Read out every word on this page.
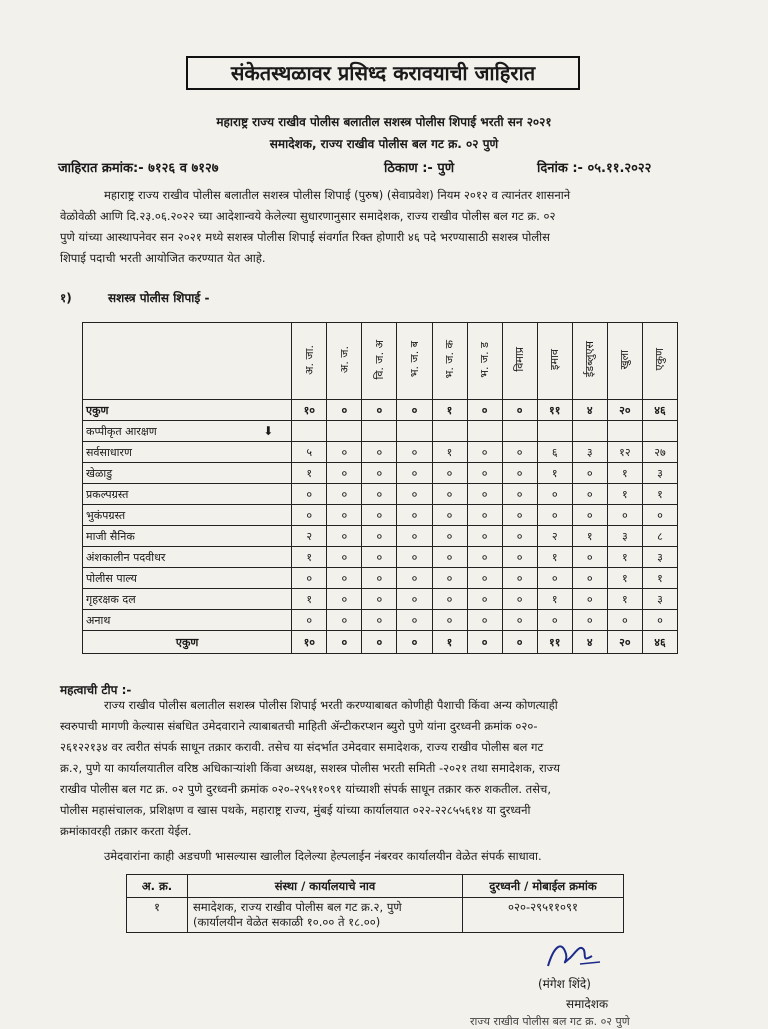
संकेतस्थळावर प्रसिध्द करावयाची जाहिरात
महाराष्ट्र राज्य राखीव पोलीस बलातील सशस्त्र पोलीस शिपाई भरती सन २०२१
समादेशक, राज्य राखीव पोलीस बल गट क्र. ०२ पुणे
जाहिरात क्रमांक:- ७१२६ व ७१२७	ठिकाण :- पुणे	दिनांक :- ०५.११.२०२२
महाराष्ट्र राज्य राखीव पोलीस बलातील सशस्त्र पोलीस शिपाई (पुरुष) (सेवाप्रवेश) नियम २०१२ व त्यानंतर शासनाने
वेळोवेळी आणि दि.२३.०६.२०२२ च्या आदेशान्वये केलेल्या सुधारणानुसार समादेशक, राज्य राखीव पोलीस बल गट क्र. ०२
पुणे यांच्या आस्थापनेवर सन २०२१ मध्ये सशस्त्र पोलीस शिपाई संवर्गात रिक्त होणारी ४६ पदे भरण्यासाठी सशस्त्र पोलीस
शिपाई पदाची भरती आयोजित करण्यात येत आहे.
१)	सशस्त्र पोलीस शिपाई -
	अ. जा.	अ. ज.	वि. ज. अ	भ. ज. ब	भ. ज. क	भ. ज. ड	विमाप्र	इमाव	ईडब्लुएस	खुला	एकुण
एकुण	१०	०	०	०	१	०	०	११	४	२०	४६
कप्पीकृत आरक्षण ⬇											

सर्वसाधारण	५	०	०	०	१	०	०	६	३	१२	२७
खेळाडु	१	०	०	०	०	०	०	१	०	१	३
प्रकल्पग्रस्त	०	०	०	०	०	०	०	०	०	१	१
भुकंपग्रस्त	०	०	०	०	०	०	०	०	०	०	०
माजी सैनिक	२	०	०	०	०	०	०	२	१	३	८
अंशकालीन पदवीधर	१	०	०	०	०	०	०	१	०	१	३
पोलीस पाल्य	०	०	०	०	०	०	०	०	०	१	१
गृहरक्षक दल	१	०	०	०	०	०	०	१	०	१	३
अनाथ	०	०	०	०	०	०	०	०	०	०	०
एकुण	१०	०	०	०	१	०	०	११	४	२०	४६
महत्वाची टीप :-
राज्य राखीव पोलीस बलातील सशस्त्र पोलीस शिपाई भरती करण्याबाबत कोणीही पैशाची किंवा अन्य कोणत्याही
स्वरुपाची मागणी केल्यास संबधित उमेदवाराने त्याबाबतची माहिती ॲन्टीकरप्शन ब्युरो पुणे यांना दुरध्वनी क्रमांक ०२०-
२६१२२१३४ वर त्वरीत संपर्क साधून तक्रार करावी. तसेच या संदर्भात उमेदवार समादेशक, राज्य राखीव पोलीस बल गट
क्र.२, पुणे या कार्यालयातील वरिष्ठ अधिकाऱ्यांशी किंवा अध्यक्ष, सशस्त्र पोलीस भरती समिती -२०२१ तथा समादेशक, राज्य
राखीव पोलीस बल गट क्र. ०२ पुणे दुरध्वनी क्रमांक ०२०-२९५११०९१ यांच्याशी संपर्क साधून तक्रार करु शकतील. तसेच,
पोलीस महासंचालक, प्रशिक्षण व खास पथके, महाराष्ट्र राज्य, मुंबई यांच्या कार्यालयात ०२२-२२८५५६१४ या दुरध्वनी
क्रमांकावरही तक्रार करता येईल.
उमेदवारांना काही अडचणी भासल्यास खालील दिलेल्या हेल्पलाईन नंबरवर कार्यालयीन वेळेत संपर्क साधावा.
अ. क्र.	संस्था / कार्यालयाचे नाव	दुरध्वनी / मोबाईल क्रमांक
१	समादेशक, राज्य राखीव पोलीस बल गट क्र.२, पुणे
(कार्यालयीन वेळेत सकाळी १०.०० ते १८.००)	०२०-२९५११०९१
(मंगेश शिंदे)
समादेशक
राज्य राखीव पोलीस बल गट क्र. ०२ पुणे
